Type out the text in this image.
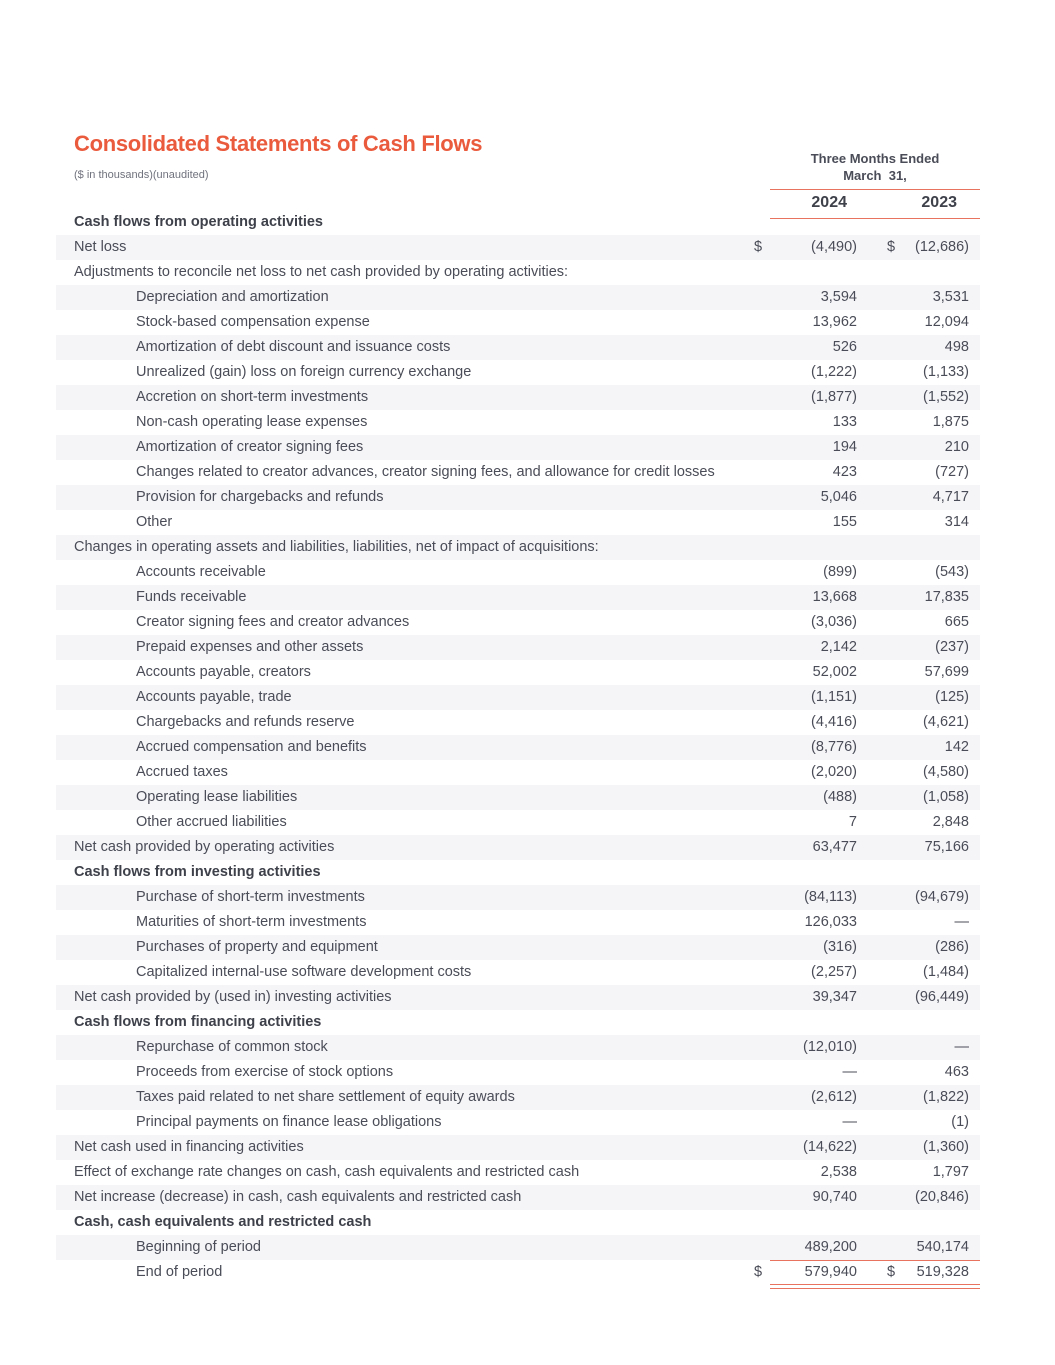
Consolidated Statements of Cash Flows
($ in thousands)(unaudited)
Three Months Ended
March  31,
2024	2023
Cash flows from operating activities
Net loss	$	(4,490) $ (12,686)
Adjustments to reconcile net loss to net cash provided by operating activities:
Depreciation and amortization	3,594	3,531
Stock-based compensation expense	13,962	12,094
Amortization of debt discount and issuance costs	526	498
Unrealized (gain) loss on foreign currency exchange	(1,222)	(1,133)
Accretion on short-term investments	(1,877)	(1,552)
Non-cash operating lease expenses	133	1,875
Amortization of creator signing fees	194	210
Changes related to creator advances, creator signing fees, and allowance for credit losses	423	(727)
Provision for chargebacks and refunds	5,046	4,717
Other	155	314
Changes in operating assets and liabilities, liabilities, net of impact of acquisitions:
Accounts receivable	(899)	(543)
Funds receivable	13,668	17,835
Creator signing fees and creator advances	(3,036)	665
Prepaid expenses and other assets	2,142	(237)
Accounts payable, creators	52,002	57,699
Accounts payable, trade	(1,151)	(125)
Chargebacks and refunds reserve	(4,416)	(4,621)
Accrued compensation and benefits	(8,776)	142
Accrued taxes	(2,020)	(4,580)
Operating lease liabilities	(488)	(1,058)
Other accrued liabilities	7	2,848
Net cash provided by operating activities	63,477	75,166
Cash flows from investing activities
Purchase of short-term investments	(84,113)	(94,679)
Maturities of short-term investments	126,033	—
Purchases of property and equipment	(316)	(286)
Capitalized internal-use software development costs	(2,257)	(1,484)
Net cash provided by (used in) investing activities	39,347	(96,449)
Cash flows from financing activities
Repurchase of common stock	(12,010)	—
Proceeds from exercise of stock options	—	463
Taxes paid related to net share settlement of equity awards	(2,612)	(1,822)
Principal payments on finance lease obligations	—	(1)
Net cash used in financing activities	(14,622)	(1,360)
Effect of exchange rate changes on cash, cash equivalents and restricted cash	2,538	1,797
Net increase (decrease) in cash, cash equivalents and restricted cash	90,740	(20,846)
Cash, cash equivalents and restricted cash
Beginning of period	489,200	540,174
End of period	$	579,940 $ 519,328
